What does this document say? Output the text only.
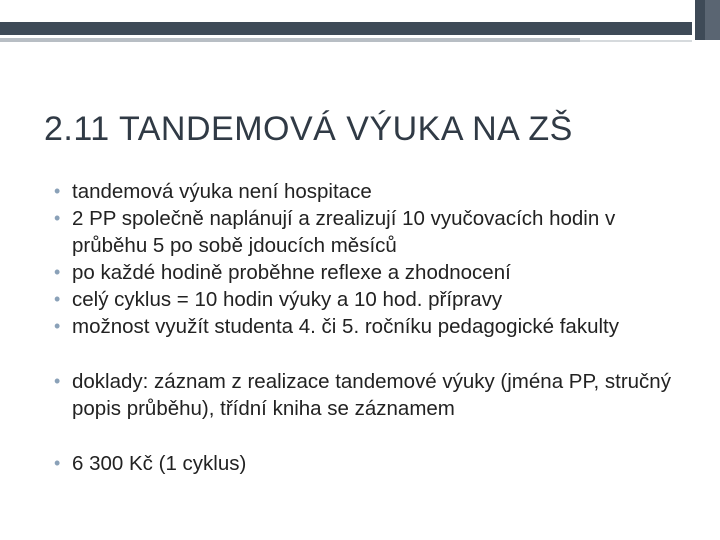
2.11 TANDEMOVÁ VÝUKA NA ZŠ
• tandemová výuka není hospitace
• 2 PP společně naplánují a zrealizují 10 vyučovacích hodin v průběhu 5 po sobě jdoucích měsíců
• po každé hodině proběhne reflexe a zhodnocení
• celý cyklus = 10 hodin výuky a 10 hod. přípravy
• možnost využít studenta 4. či 5. ročníku pedagogické fakulty
• doklady: záznam z realizace tandemové výuky (jména PP, stručný popis průběhu), třídní kniha se záznamem
• 6 300 Kč (1 cyklus)
